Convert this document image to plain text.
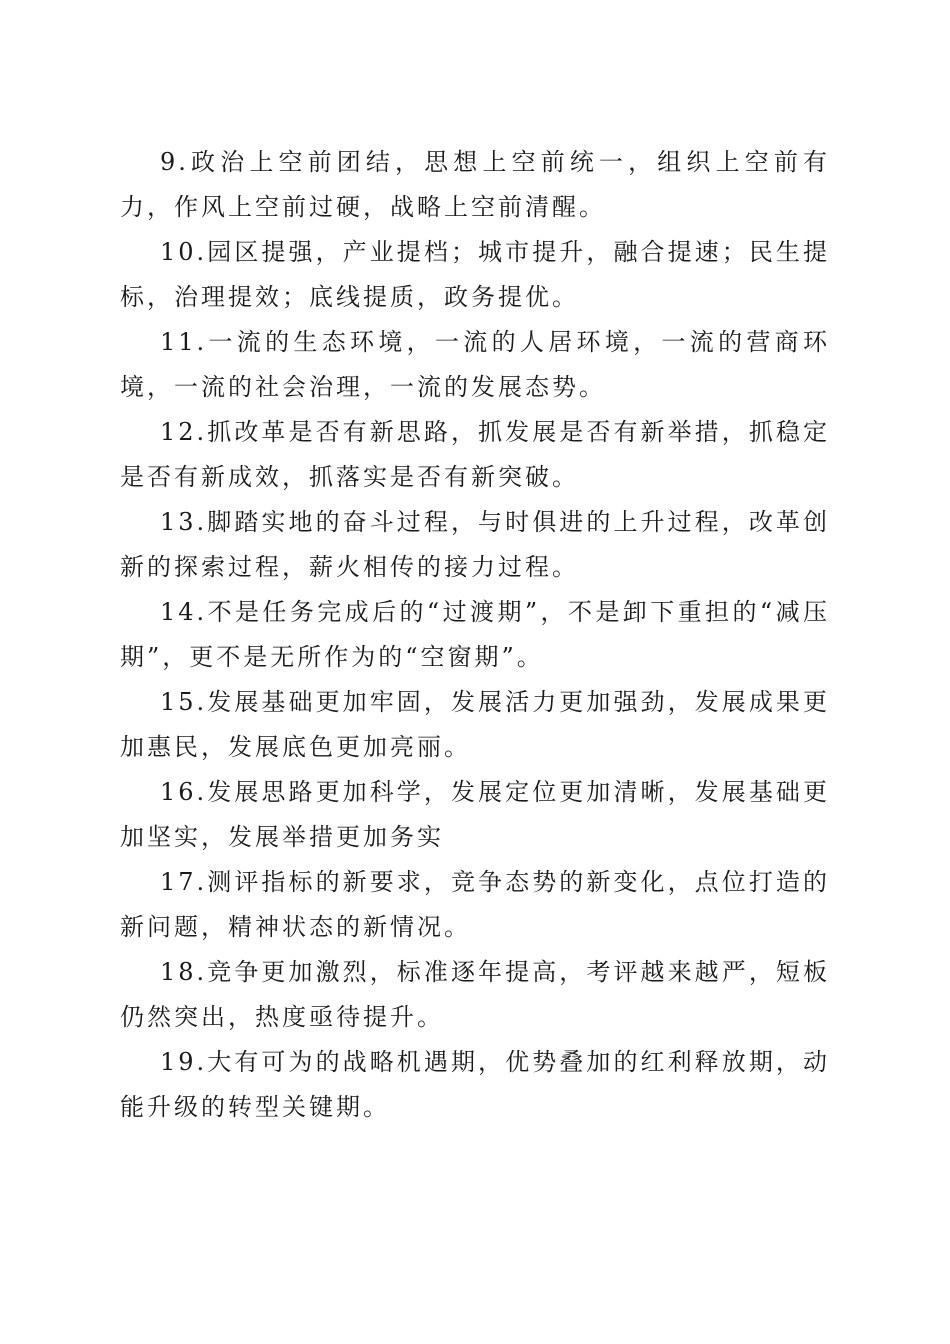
9.政治上空前团结，思想上空前统一，组织上空前有力，作风上空前过硬，战略上空前清醒。

10.园区提强，产业提档；城市提升，融合提速；民生提标，治理提效；底线提质，政务提优。

11.一流的生态环境，一流的人居环境，一流的营商环境，一流的社会治理，一流的发展态势。

12.抓改革是否有新思路，抓发展是否有新举措，抓稳定是否有新成效，抓落实是否有新突破。

13.脚踏实地的奋斗过程，与时俱进的上升过程，改革创新的探索过程，薪火相传的接力过程。

14.不是任务完成后的“过渡期”，不是卸下重担的“减压期”，更不是无所作为的“空窗期”。

15.发展基础更加牢固，发展活力更加强劲，发展成果更加惠民，发展底色更加亮丽。

16.发展思路更加科学，发展定位更加清晰，发展基础更加坚实，发展举措更加务实

17.测评指标的新要求，竞争态势的新变化，点位打造的新问题，精神状态的新情况。

18.竞争更加激烈，标准逐年提高，考评越来越严，短板仍然突出，热度亟待提升。

19.大有可为的战略机遇期，优势叠加的红利释放期，动能升级的转型关键期。
